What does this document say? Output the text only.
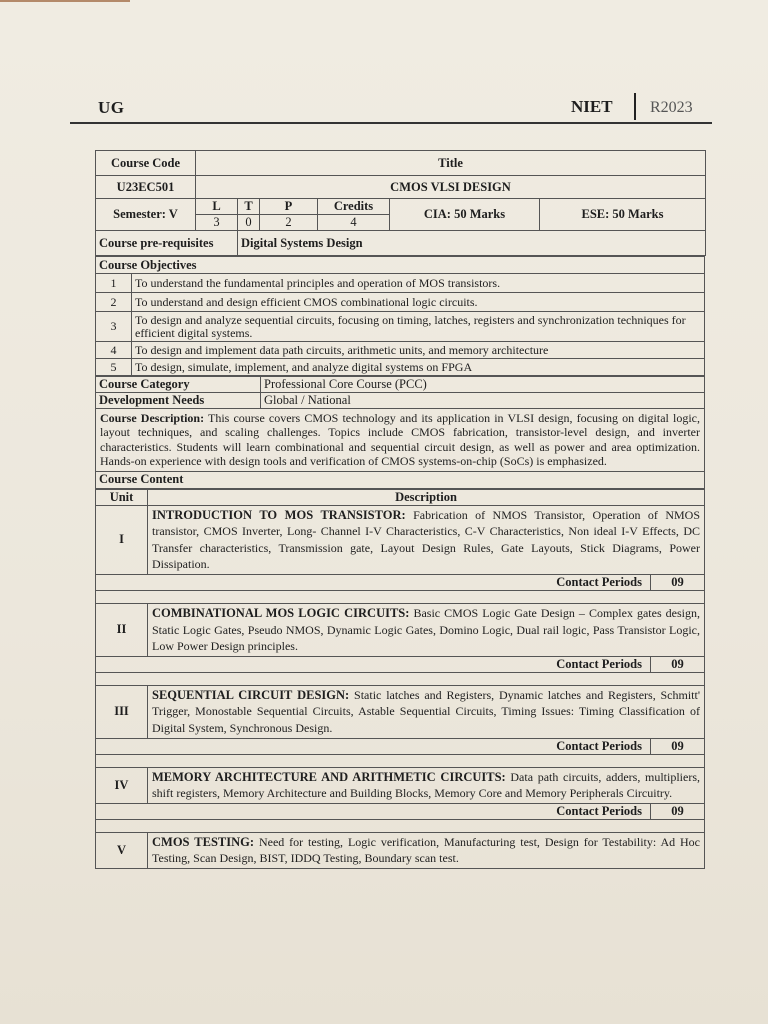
UG	NIET R2023
Course Code	Title					
U23EC501	CMOS VLSI DESIGN					
Semester: V	L	T	P	Credits	CIA: 50 Marks	ESE: 50 Marks
	3	0	2	4		
Course pre-requisites		Digital Systems Design				
Course Objectives	
1	To understand the fundamental principles and operation of MOS transistors.
2	To understand and design efficient CMOS combinational logic circuits.
3	To design and analyze sequential circuits, focusing on timing, latches, registers and synchronization techniques for efficient digital systems.
4	To design and implement data path circuits, arithmetic units, and memory architecture
5	To design, simulate, implement, and analyze digital systems on FPGA
Course Category	Professional Core Course (PCC)
Development Needs	Global / National
Course Description: This course covers CMOS technology and its application in VLSI design, focusing on digital logic, layout techniques, and scaling challenges. Topics include CMOS fabrication, transistor-level design, and inverter characteristics. Students will learn combinational and sequential circuit design, as well as power and area optimization. Hands-on experience with design tools and verification of CMOS systems-on-chip (SoCs) is emphasized.	
Course Content	
Unit	Description	
I	INTRODUCTION TO MOS TRANSISTOR: Fabrication of NMOS Transistor, Operation of NMOS transistor, CMOS Inverter, Long- Channel I-V Characteristics, C-V Characteristics, Non ideal I-V Effects, DC Transfer characteristics, Transmission gate, Layout Design Rules, Gate Layouts, Stick Diagrams, Power Dissipation.	
Contact Periods		09

II	COMBINATIONAL MOS LOGIC CIRCUITS: Basic CMOS Logic Gate Design – Complex gates design, Static Logic Gates, Pseudo NMOS, Dynamic Logic Gates, Domino Logic, Dual rail logic, Pass Transistor Logic, Low Power Design principles.	
Contact Periods		09

III	SEQUENTIAL CIRCUIT DESIGN: Static latches and Registers, Dynamic latches and Registers, Schmitt' Trigger, Monostable Sequential Circuits, Astable Sequential Circuits, Timing Issues: Timing Classification of Digital System, Synchronous Design.	
Contact Periods		09

IV	MEMORY ARCHITECTURE AND ARITHMETIC CIRCUITS: Data path circuits, adders, multipliers, shift registers, Memory Architecture and Building Blocks, Memory Core and Memory Peripherals Circuitry.	
Contact Periods		09

V	CMOS TESTING: Need for testing, Logic verification, Manufacturing test, Design for Testability: Ad Hoc Testing, Scan Design, BIST, IDDQ Testing, Boundary scan test.	
